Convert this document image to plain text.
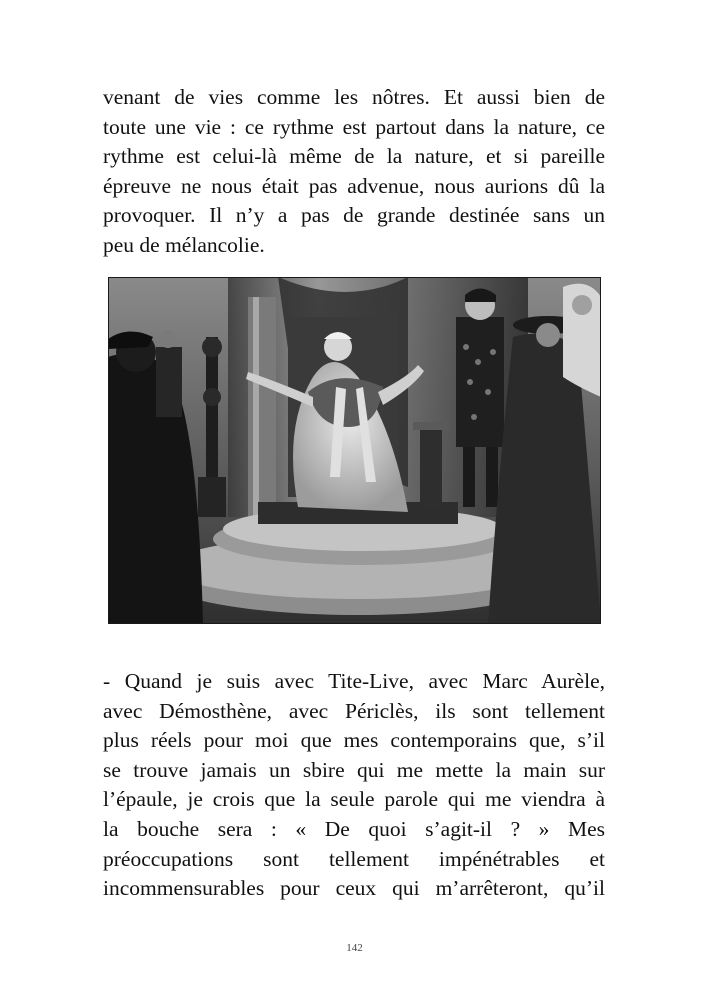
venant de vies comme les nôtres. Et aussi bien de
toute une vie : ce rythme est partout dans la nature, ce
rythme est celui-là même de la nature, et si pareille
épreuve ne nous était pas advenue, nous aurions dû la
provoquer. Il n’y a pas de grande destinée sans un
peu de mélancolie.

- Quand je suis avec Tite-Live, avec Marc Aurèle,
avec Démosthène, avec Périclès, ils sont tellement
plus réels pour moi que mes contemporains que, s’il
se trouve jamais un sbire qui me mette la main sur
l’épaule, je crois que la seule parole qui me viendra à
la bouche sera : « De quoi s’agit-il ? » Mes
préoccupations sont tellement impénétrables et
incommensurables pour ceux qui m’arrêteront, qu’il

142
